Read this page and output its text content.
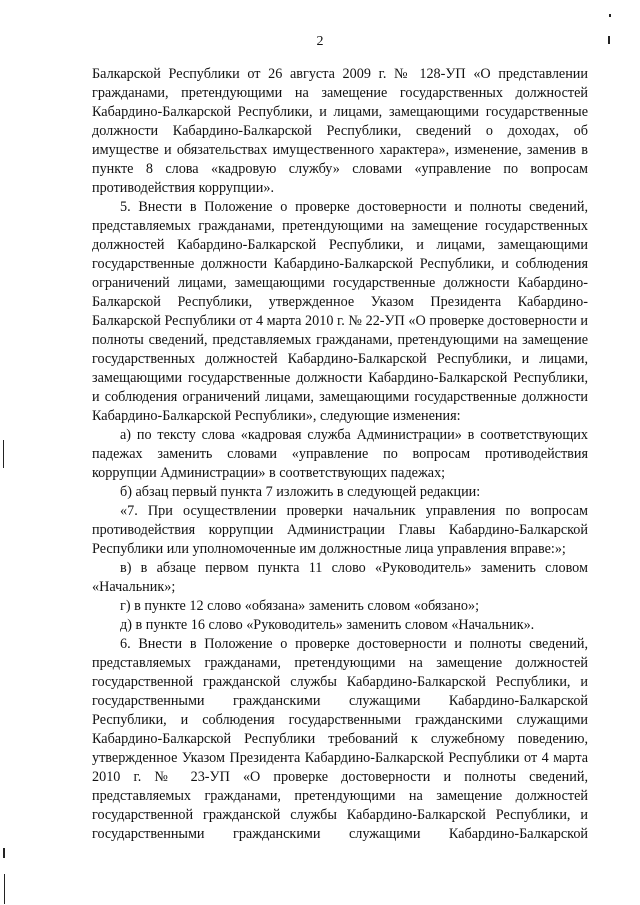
2

Балкарской Республики от 26 августа 2009 г. № 128-УП «О представлении гражданами, претендующими на замещение государственных должностей Кабардино-Балкарской Республики, и лицами, замещающими государственные должности Кабардино-Балкарской Республики, сведений о доходах, об имуществе и обязательствах имущественного характера», изменение, заменив в пункте 8 слова «кадровую службу» словами «управление по вопросам противодействия коррупции».

5. Внести в Положение о проверке достоверности и полноты сведений, представляемых гражданами, претендующими на замещение государственных должностей Кабардино-Балкарской Республики, и лицами, замещающими государственные должности Кабардино-Балкарской Республики, и соблюдения ограничений лицами, замещающими государственные должности Кабардино-Балкарской Республики, утвержденное Указом Президента Кабардино-Балкарской Республики от 4 марта 2010 г. № 22-УП «О проверке достоверности и полноты сведений, представляемых гражданами, претендующими на замещение государственных должностей Кабардино-Балкарской Республики, и лицами, замещающими государственные должности Кабардино-Балкарской Республики, и соблюдения ограничений лицами, замещающими государственные должности Кабардино-Балкарской Республики», следующие изменения:

а) по тексту слова «кадровая служба Администрации» в соответствующих падежах заменить словами «управление по вопросам противодействия коррупции Администрации» в соответствующих падежах;

б) абзац первый пункта 7 изложить в следующей редакции:

«7. При осуществлении проверки начальник управления по вопросам противодействия коррупции Администрации Главы Кабардино-Балкарской Республики или уполномоченные им должностные лица управления вправе:»;

в) в абзаце первом пункта 11 слово «Руководитель» заменить словом «Начальник»;

г) в пункте 12 слово «обязана» заменить словом «обязано»;

д) в пункте 16 слово «Руководитель» заменить словом «Начальник».

6. Внести в Положение о проверке достоверности и полноты сведений, представляемых гражданами, претендующими на замещение должностей государственной гражданской службы Кабардино-Балкарской Республики, и государственными гражданскими служащими Кабардино-Балкарской Республики, и соблюдения государственными гражданскими служащими Кабардино-Балкарской Республики требований к служебному поведению, утвержденное Указом Президента Кабардино-Балкарской Республики от 4 марта 2010 г. № 23-УП «О проверке достоверности и полноты сведений, представляемых гражданами, претендующими на замещение должностей государственной гражданской службы Кабардино-Балкарской Республики, и государственными гражданскими служащими Кабардино-Балкарской
